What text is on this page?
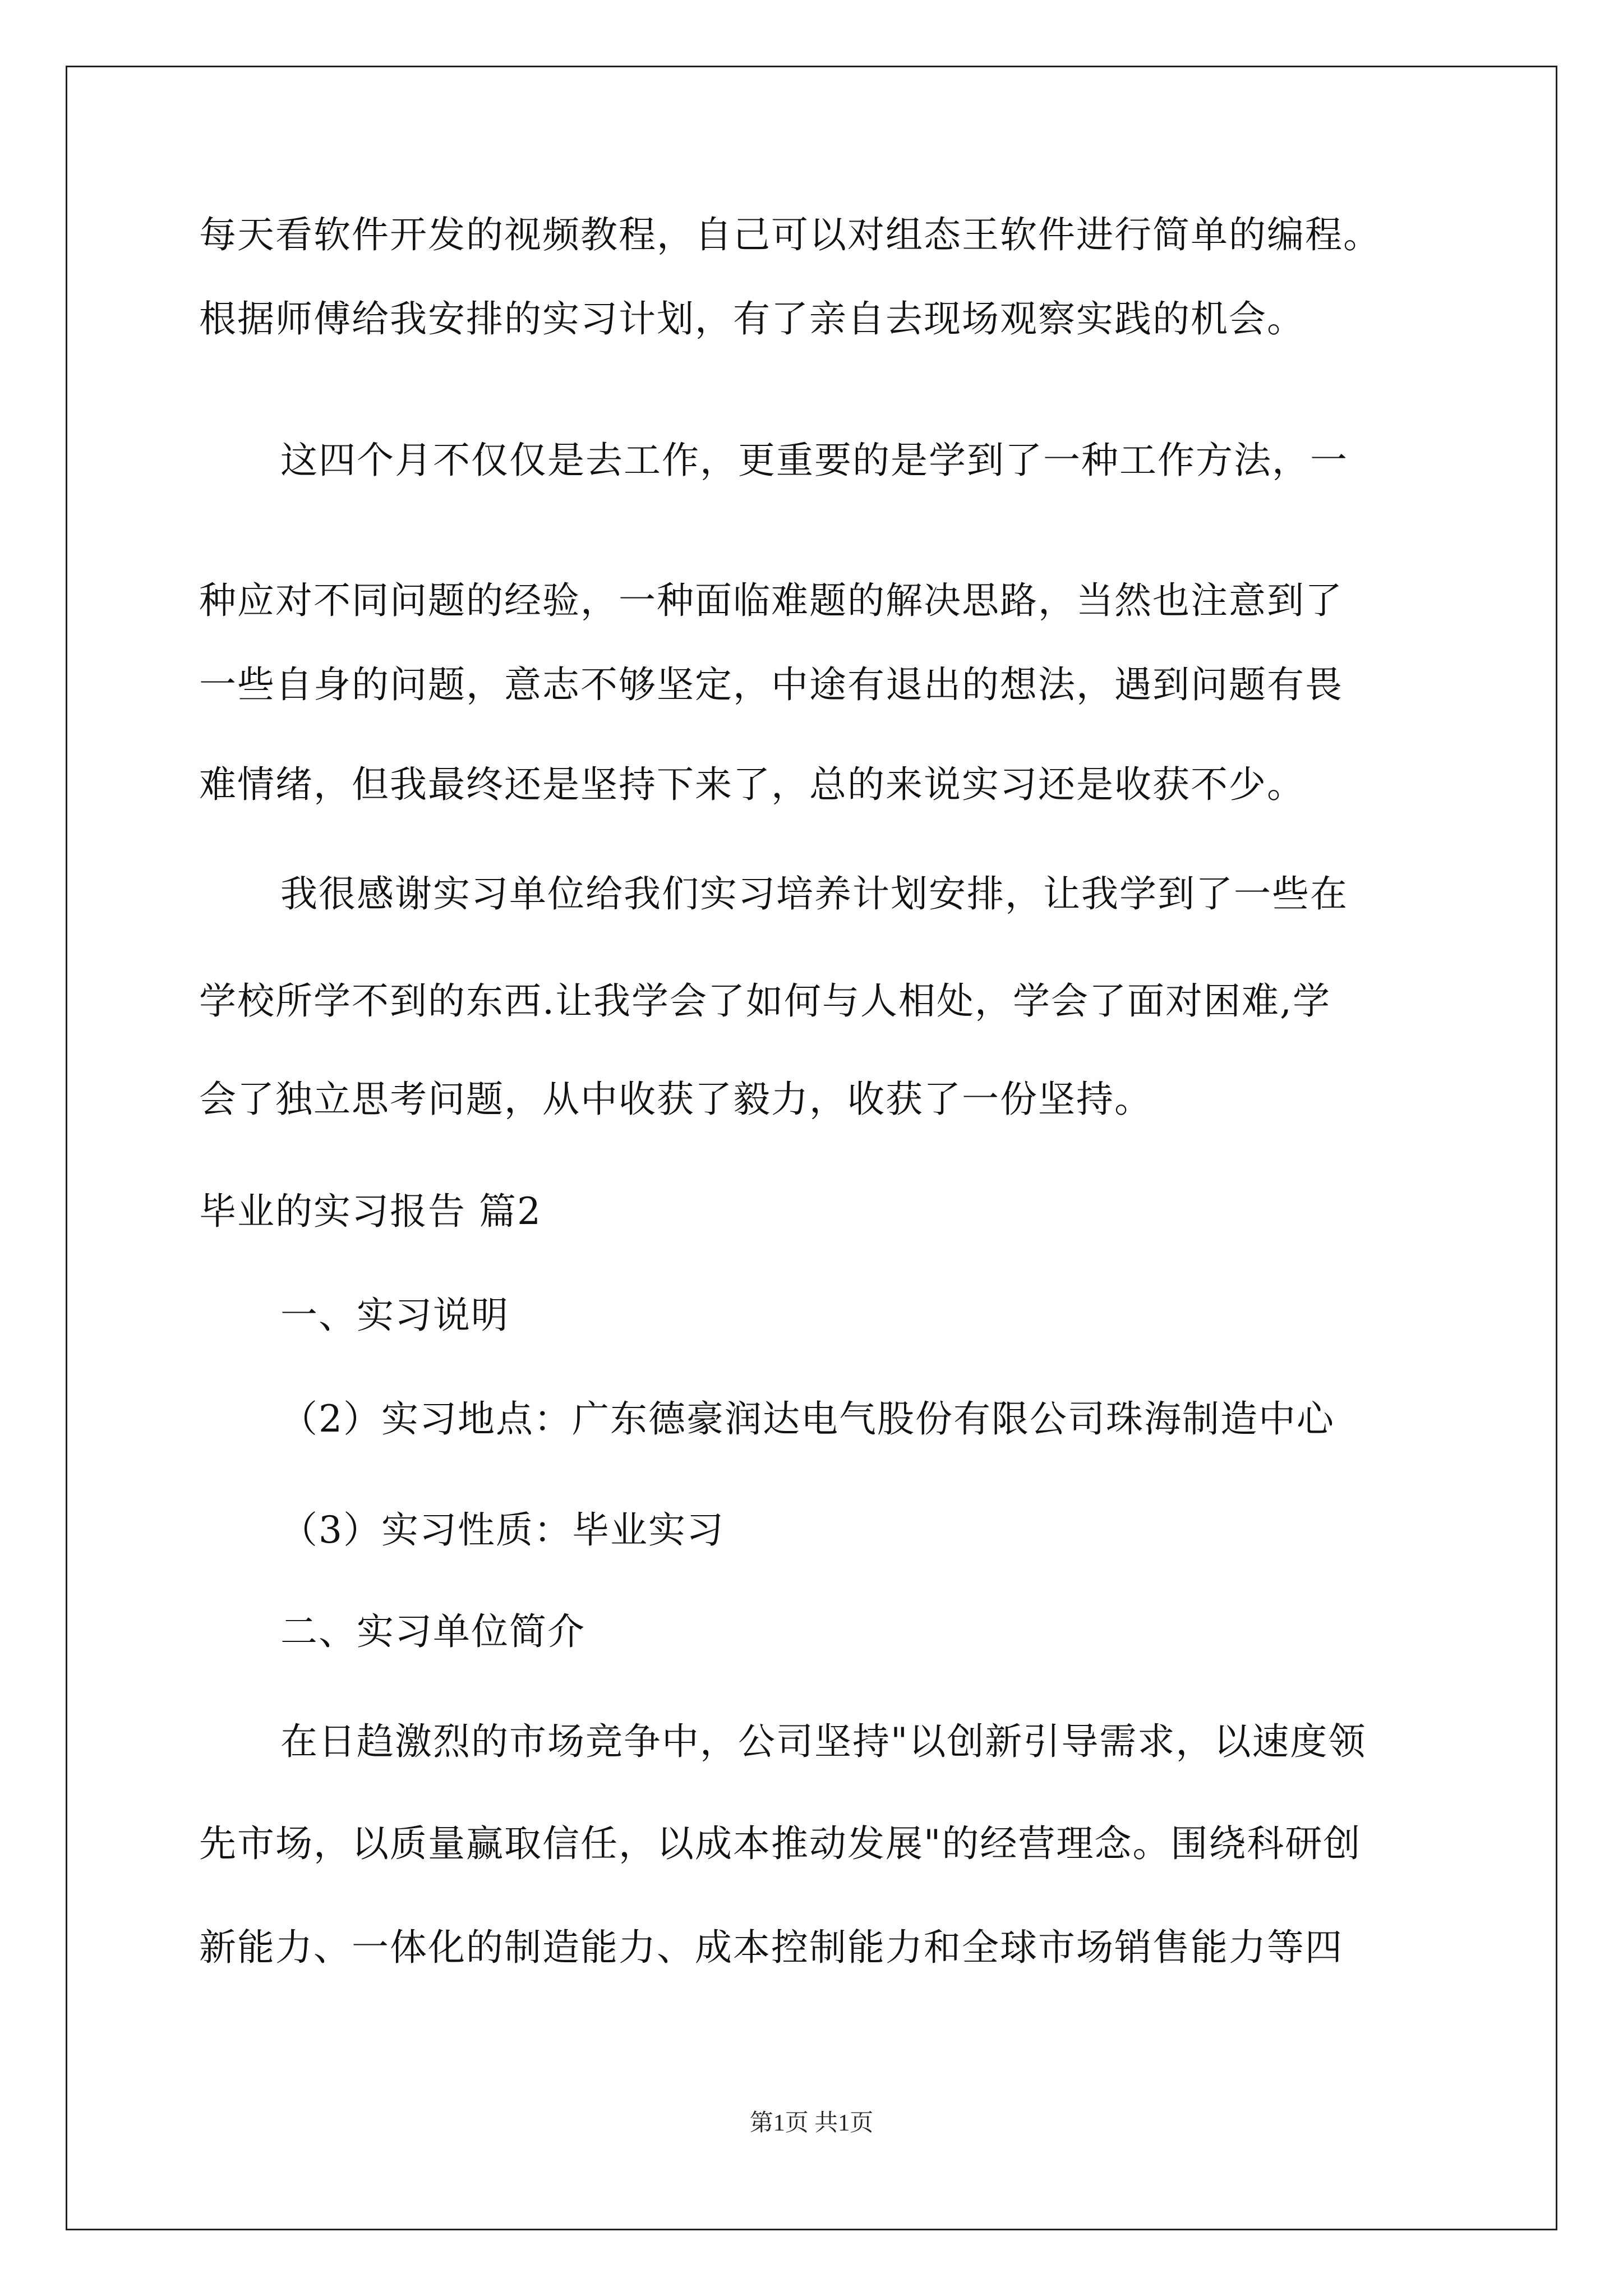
每天看软件开发的视频教程，自己可以对组态王软件进行简单的编程。
根据师傅给我安排的实习计划，有了亲自去现场观察实践的机会。
这四个月不仅仅是去工作，更重要的是学到了一种工作方法，一
种应对不同问题的经验，一种面临难题的解决思路，当然也注意到了
一些自身的问题，意志不够坚定，中途有退出的想法，遇到问题有畏
难情绪，但我最终还是坚持下来了，总的来说实习还是收获不少。
我很感谢实习单位给我们实习培养计划安排，让我学到了一些在
学校所学不到的东西.让我学会了如何与人相处，学会了面对困难,学
会了独立思考问题，从中收获了毅力，收获了一份坚持。
毕业的实习报告 篇2
一、实习说明
（2）实习地点：广东德豪润达电气股份有限公司珠海制造中心
（3）实习性质：毕业实习
二、实习单位简介
在日趋激烈的市场竞争中，公司坚持"以创新引导需求，以速度领
先市场，以质量赢取信任，以成本推动发展"的经营理念。围绕科研创
新能力、一体化的制造能力、成本控制能力和全球市场销售能力等四
第1页 共1页
